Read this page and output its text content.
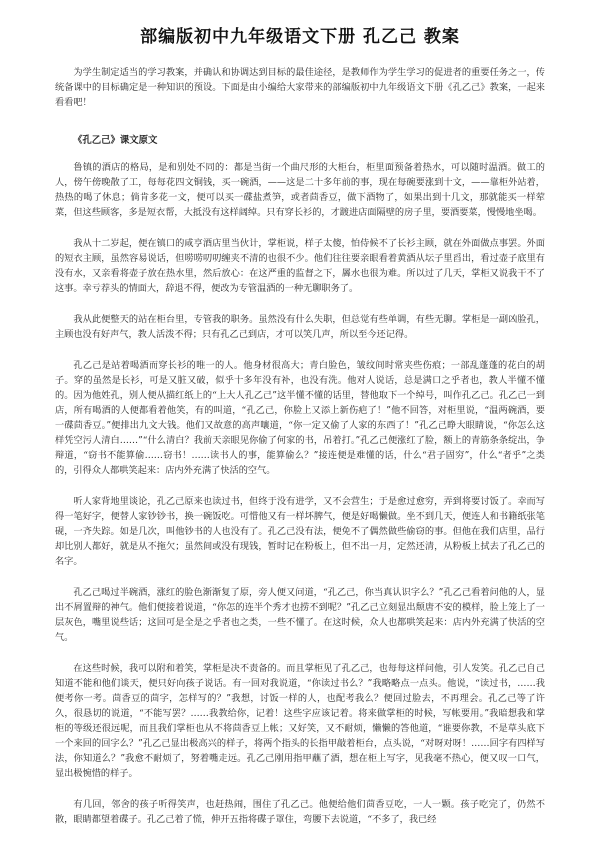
部编版初中九年级语文下册 孔乙己 教案

为学生制定适当的学习教案，并确认和协调达到目标的最佳途径，是教师作为学生学习的促进者的重要任务之一，传统备课中的目标确定是一种知识的预设。下面是由小编给大家带来的部编版初中九年级语文下册《孔乙己》教案，一起来看看吧！

《孔乙己》课文原文

鲁镇的酒店的格局，是和别处不同的：都是当街一个曲尺形的大柜台，柜里面预备着热水，可以随时温酒。做工的人，傍午傍晚散了工，每每花四文铜钱，买一碗酒，——这是二十多年前的事，现在每碗要涨到十文，——靠柜外站着，热热的喝了休息；倘肯多花一文，便可以买一碟盐煮笋，或者茴香豆，做下酒物了，如果出到十几文，那就能买一样荤菜，但这些顾客，多是短衣帮，大抵没有这样阔绰。只有穿长衫的，才踱进店面隔壁的房子里，要酒要菜，慢慢地坐喝。

我从十二岁起，便在镇口的咸亨酒店里当伙计，掌柜说，样子太傻，怕侍候不了长衫主顾，就在外面做点事罢。外面的短衣主顾，虽然容易说话，但唠唠叨叨缠夹不清的也很不少。他们往往要亲眼看着黄酒从坛子里舀出，看过壶子底里有没有水，又亲看将壶子放在热水里，然后放心：在这严重的监督之下，羼水也很为难。所以过了几天，掌柜又说我干不了这事。幸亏荐头的情面大，辞退不得，便改为专管温酒的一种无聊职务了。

我从此便整天的站在柜台里，专管我的职务。虽然没有什么失职，但总觉有些单调，有些无聊。掌柜是一副凶脸孔，主顾也没有好声气，教人活泼不得；只有孔乙己到店，才可以笑几声，所以至今还记得。

孔乙己是站着喝酒而穿长衫的唯一的人。他身材很高大；青白脸色，皱纹间时常夹些伤痕；一部乱蓬蓬的花白的胡子。穿的虽然是长衫，可是又脏又破，似乎十多年没有补，也没有洗。他对人说话，总是满口之乎者也，教人半懂不懂的。因为他姓孔，别人便从描红纸上的“上大人孔乙己”这半懂不懂的话里，替他取下一个绰号，叫作孔乙己。孔乙己一到店，所有喝酒的人便都看着他笑，有的叫道，“孔乙己，你脸上又添上新伤疤了！”他不回答，对柜里说，“温两碗酒，要一碟茴香豆。”便排出九文大钱。他们又故意的高声嚷道，“你一定又偷了人家的东西了！”孔乙己睁大眼睛说，“你怎么这样凭空污人清白……”“什么清白？我前天亲眼见你偷了何家的书，吊着打。”孔乙己便涨红了脸，额上的青筋条条绽出，争辩道，“窃书不能算偷……窃书！……读书人的事，能算偷么？”接连便是难懂的话，什么“君子固穷”，什么“者乎”之类的，引得众人都哄笑起来：店内外充满了快活的空气。

听人家背地里谈论，孔乙己原来也读过书，但终于没有进学，又不会营生；于是愈过愈穷，弄到将要讨饭了。幸而写得一笔好字，便替人家钞钞书，换一碗饭吃。可惜他又有一样坏脾气，便是好喝懒做。坐不到几天，便连人和书籍纸张笔砚，一齐失踪。如是几次，叫他钞书的人也没有了。孔乙己没有法，便免不了偶然做些偷窃的事。但他在我们店里，品行却比别人都好，就是从不拖欠；虽然间或没有现钱，暂时记在粉板上，但不出一月，定然还清，从粉板上拭去了孔乙己的名字。

孔乙己喝过半碗酒，涨红的脸色渐渐复了原，旁人便又问道，“孔乙己，你当真认识字么？”孔乙己看着问他的人，显出不屑置辩的神气。他们便接着说道，“你怎的连半个秀才也捞不到呢？”孔乙己立刻显出颓唐不安的模样，脸上笼上了一层灰色，嘴里说些话；这回可是全是之乎者也之类，一些不懂了。在这时候，众人也都哄笑起来：店内外充满了快活的空气。

在这些时候，我可以附和着笑，掌柜是决不责备的。而且掌柜见了孔乙己，也每每这样问他，引人发笑。孔乙己自己知道不能和他们谈天，便只好向孩子说话。有一回对我说道，“你读过书么？”我略略点一点头。他说，“读过书，……我便考你一考。茴香豆的茴字，怎样写的？”我想，讨饭一样的人，也配考我么？便回过脸去，不再理会。孔乙己等了许久，很恳切的说道，“不能写罢？……我教给你，记着！这些字应该记着。将来做掌柜的时候，写帐要用。”我暗想我和掌柜的等级还很远呢，而且我们掌柜也从不将茴香豆上帐；又好笑，又不耐烦，懒懒的答他道，“谁要你教，不是草头底下一个来回的回字么？”孔乙己显出极高兴的样子，将两个指头的长指甲敲着柜台，点头说，“对呀对呀！……回字有四样写法，你知道么？”我愈不耐烦了，努着嘴走远。孔乙己刚用指甲蘸了酒，想在柜上写字，见我毫不热心，便又叹一口气，显出极惋惜的样子。

有几回，邻舍的孩子听得笑声，也赶热闹，围住了孔乙己。他便给他们茴香豆吃，一人一颗。孩子吃完了，仍然不散，眼睛都望着碟子。孔乙己着了慌，伸开五指将碟子罩住，弯腰下去说道，“不多了，我已经
